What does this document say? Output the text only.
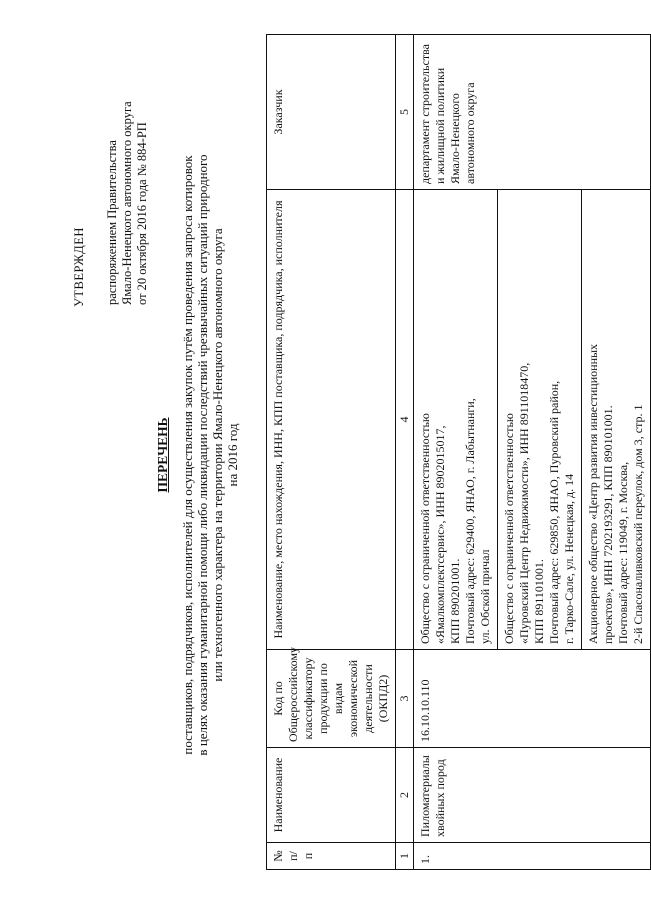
УТВЕРЖДЕН распоряжением Правительства Ямало-Ненецкого автономного округа от 20 октября 2016 года № 884-РП
ПЕРЕЧЕНЬ поставщиков, подрядчиков, исполнителей для осуществления закупок путём проведения запроса котировок в целях оказания гуманитарной помощи либо ликвидации последствий чрезвычайных ситуаций природного или техногенного характера на территории Ямало-Ненецкого автономного округа на 2016 год
№ п/п	Наименование	Код по Общероссийскому классификатору продукции по видам экономической деятельности (ОКПД2)	Наименование, место нахождения, ИНН, КПП поставщика, подрядчика, исполнителя	Заказчик
1	2	3	4	5
1.	Пиломатериалы хвойных пород	16.10.10.110	Общество с ограниченной ответственностью «Ямалкомплектсервис», ИНН 8902015017, КПП 890201001. Почтовый адрес: 629400, ЯНАО, г. Лабытнанги, ул. Обской причал	департамент строительства и жилищной политики Ямало-Ненецкого автономного округа

			Общество с ограниченной ответственностью «Пуровский Центр Недвижимости», ИНН 8911018470, КПП 891101001. Почтовый адрес: 629850, ЯНАО, Пуровский район, г. Тарко-Сале, ул. Ненецкая, д. 14	

			Акционерное общество «Центр развития инвестиционных проектов», ИНН 7202193291, КПП 890101001. Почтовый адрес: 119049, г. Москва, 2-й Спасоналивковский переулок, дом 3, стр. 1	
